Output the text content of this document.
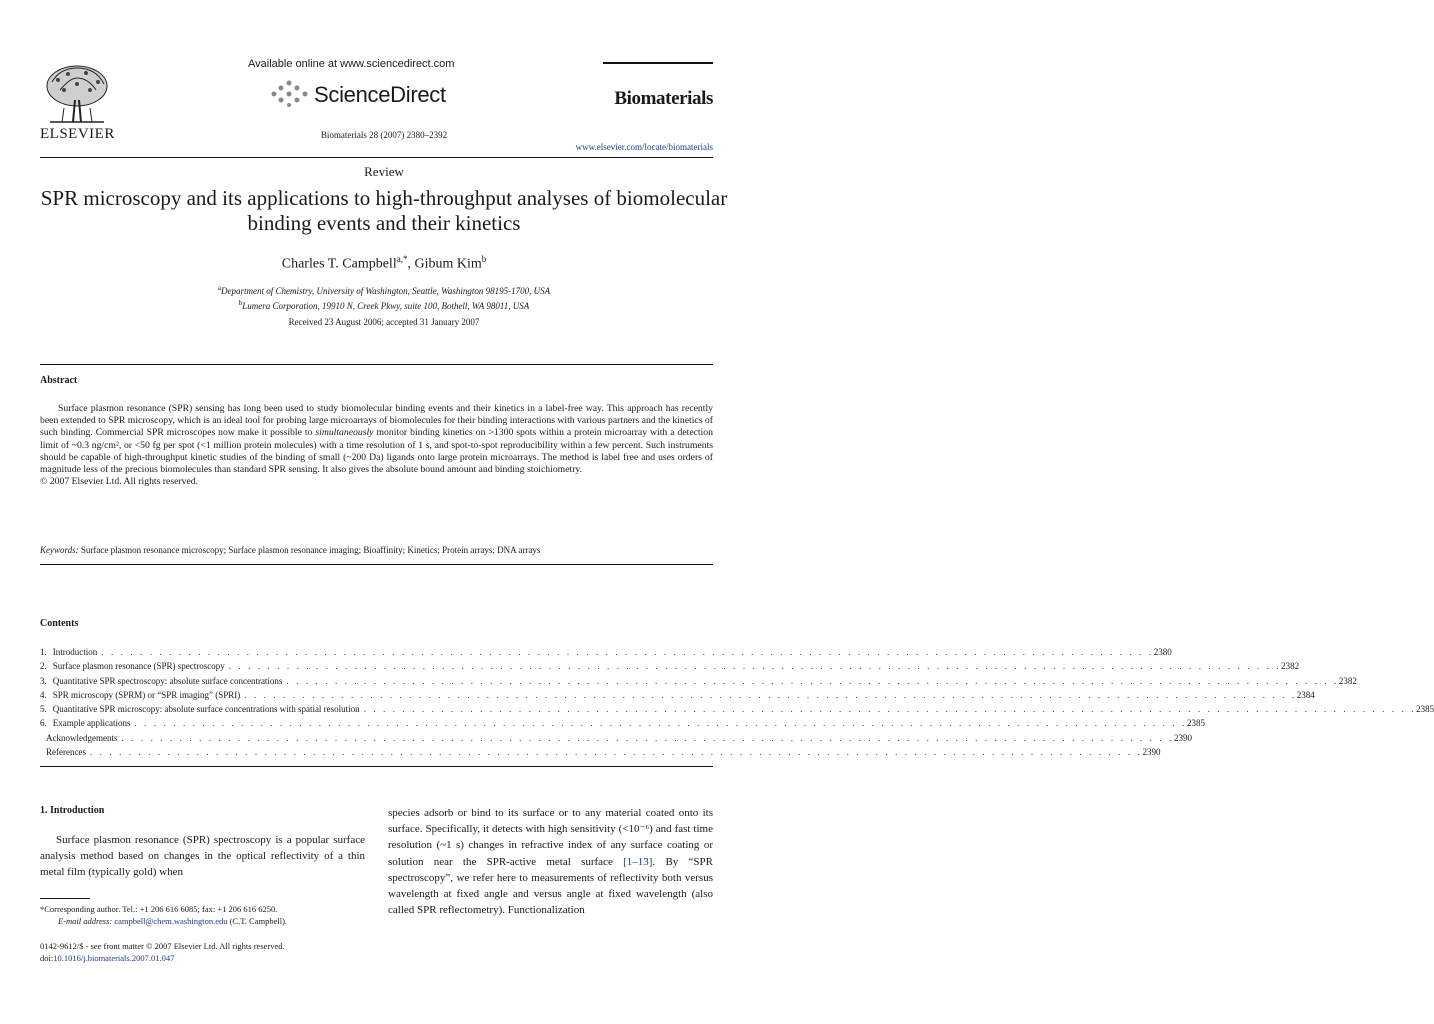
ELSEVIER
Available online at www.sciencedirect.com
ScienceDirect
Biomaterials 28 (2007) 2380–2392
Biomaterials
www.elsevier.com/locate/biomaterials
Review
SPR microscopy and its applications to high-throughput analyses of biomolecular binding events and their kinetics
Charles T. Campbell$^{a,*}$, Gibum Kim$^b$
$^a$Department of Chemistry, University of Washington, Seattle, Washington 98195-1700, USA
$^b$Lumera Corporation, 19910 N, Creek Pkwy, suite 100, Bothell, WA 98011, USA
Received 23 August 2006; accepted 31 January 2007
Abstract

Surface plasmon resonance (SPR) sensing has long been used to study biomolecular binding events and their kinetics in a label-free way. This approach has recently been extended to SPR microscopy, which is an ideal tool for probing large microarrays of biomolecules for their binding interactions with various partners and the kinetics of such binding. Commercial SPR microscopes now make it possible to simultaneously monitor binding kinetics on >1300 spots within a protein microarray with a detection limit of ~0.3 ng/cm², or <50 fg per spot (<1 million protein molecules) with a time resolution of 1 s, and spot-to-spot reproducibility within a few percent. Such instruments should be capable of high-throughput kinetic studies of the binding of small (~200 Da) ligands onto large protein microarrays. The method is label free and uses orders of magnitude less of the precious biomolecules than standard SPR sensing. It also gives the absolute bound amount and binding stoichiometry.

© 2007 Elsevier Ltd. All rights reserved.
Keywords: Surface plasmon resonance microscopy; Surface plasmon resonance imaging; Bioaffinity; Kinetics; Protein arrays; DNA arrays
Contents
1. Introduction . . . . . . . . . . . . . . . . . . . . . . . . . . . . . . . . . . . . . . . . . . . . . . . . . . . . . . . . . . . . . . . . . . . . . . . . . . . . . . . . . . . . . . . . . . . . . . . . . . . . . . . . . . . . . 2380
2. Surface plasmon resonance (SPR) spectroscopy . . . . . . . . . . . . . . . . . . . . . . . . . . . . . . . . . . . . . . . . . . . . . . . . . . . . . . . . . . . . . . . . . . . . . . . . . . . . . . . . . . . . . . . . . . . . . . . . . . . . . . . . . . . . . 2382
3. Quantitative SPR spectroscopy: absolute surface concentrations . . . . . . . . . . . . . . . . . . . . . . . . . . . . . . . . . . . . . . . . . . . . . . . . . . . . . . . . . . . . . . . . . . . . . . . . . . . . . . . . . . . . . . . . . . . . . . . . . . . . . . . . . . . . . 2382
4. SPR microscopy (SPRM) or “SPR imaging” (SPRI) . . . . . . . . . . . . . . . . . . . . . . . . . . . . . . . . . . . . . . . . . . . . . . . . . . . . . . . . . . . . . . . . . . . . . . . . . . . . . . . . . . . . . . . . . . . . . . . . . . . . . . . . . . . . . 2384
5. Quantitative SPR microscopy: absolute surface concentrations with spatial resolution . . . . . . . . . . . . . . . . . . . . . . . . . . . . . . . . . . . . . . . . . . . . . . . . . . . . . . . . . . . . . . . . . . . . . . . . . . . . . . . . . . . . . . . . . . . . . . . . . . . . . . . . . . . . . 2385
6. Example applications . . . . . . . . . . . . . . . . . . . . . . . . . . . . . . . . . . . . . . . . . . . . . . . . . . . . . . . . . . . . . . . . . . . . . . . . . . . . . . . . . . . . . . . . . . . . . . . . . . . . . . . . . . . . . 2385
Acknowledgements . . . . . . . . . . . . . . . . . . . . . . . . . . . . . . . . . . . . . . . . . . . . . . . . . . . . . . . . . . . . . . . . . . . . . . . . . . . . . . . . . . . . . . . . . . . . . . . . . . . . . . . . . . . . . 2390
References . . . . . . . . . . . . . . . . . . . . . . . . . . . . . . . . . . . . . . . . . . . . . . . . . . . . . . . . . . . . . . . . . . . . . . . . . . . . . . . . . . . . . . . . . . . . . . . . . . . . . . . . . . . . . 2390
1. Introduction
Surface plasmon resonance (SPR) spectroscopy is a popular surface analysis method based on changes in the optical reflectivity of a thin metal film (typically gold) when
species adsorb or bind to its surface or to any material coated onto its surface. Specifically, it detects with high sensitivity (<10⁻⁶) and fast time resolution (~1 s) changes in refractive index of any surface coating or solution near the SPR-active metal surface [1–13]. By “SPR spectroscopy”, we refer here to measurements of reflectivity both versus wavelength at fixed angle and versus angle at fixed wavelength (also called SPR reflectometry). Functionalization
*Corresponding author. Tel.: +1 206 616 6085; fax: +1 206 616 6250.
E-mail address: campbell@chem.washington.edu (C.T. Campbell).
0142-9612/$ - see front matter © 2007 Elsevier Ltd. All rights reserved.
doi:10.1016/j.biomaterials.2007.01.047
